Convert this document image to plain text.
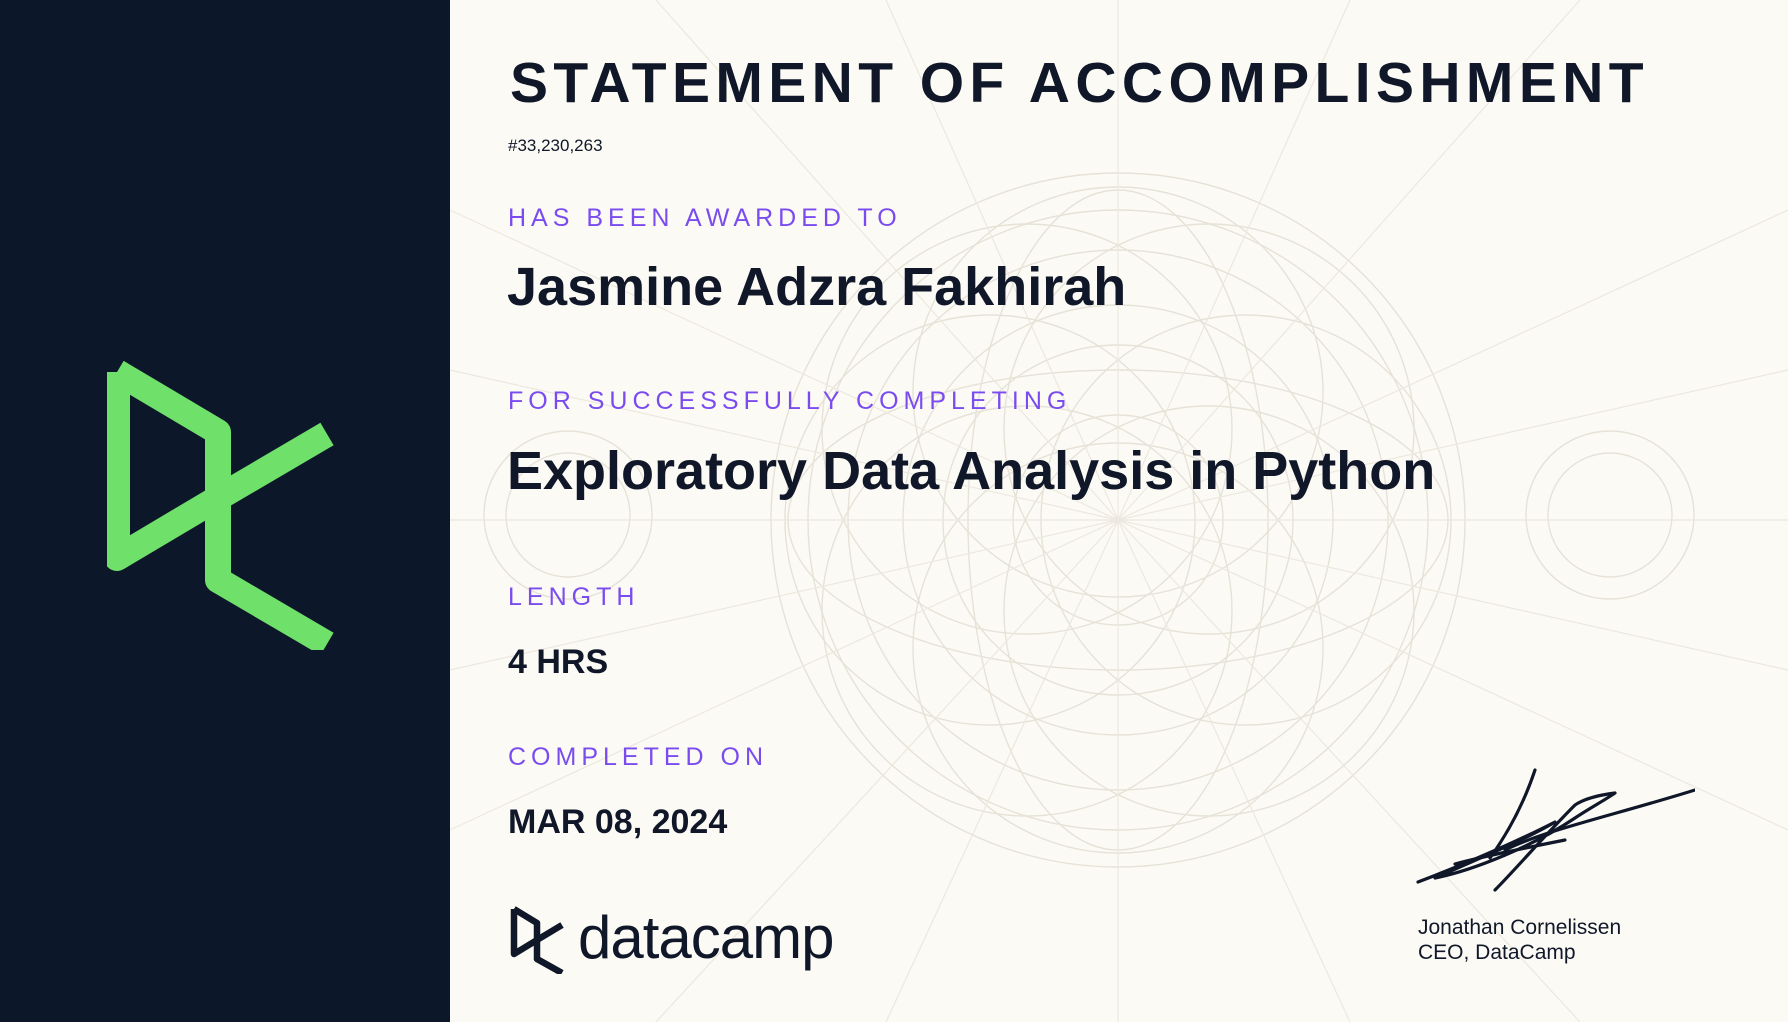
STATEMENT OF ACCOMPLISHMENT
#33,230,263
HAS BEEN AWARDED TO
Jasmine Adzra Fakhirah
FOR SUCCESSFULLY COMPLETING
Exploratory Data Analysis in Python
LENGTH
4 HRS
COMPLETED ON
MAR 08, 2024
datacamp	Jonathan Cornelissen
CEO, DataCamp
